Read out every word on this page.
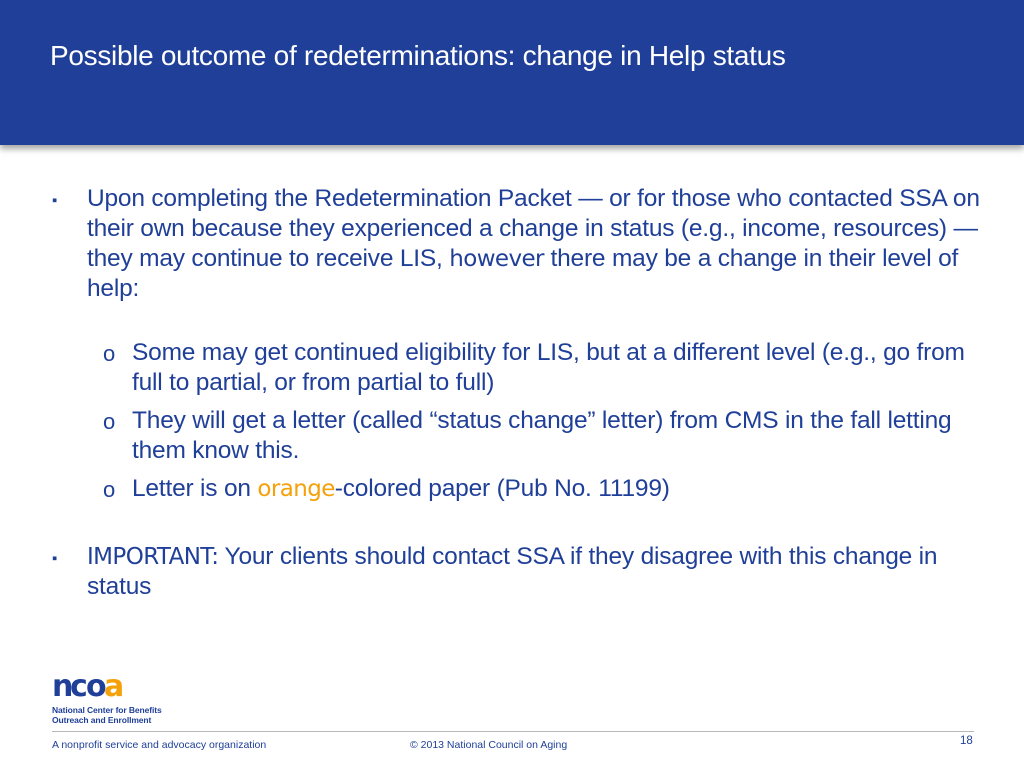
Possible outcome of redeterminations: change in Help status
▪ Upon completing the Redetermination Packet — or for those who contacted SSA on their own because they experienced a change in status (e.g., income, resources) — they may continue to receive LIS, however there may be a change in their level of help:
o Some may get continued eligibility for LIS, but at a different level (e.g., go from full to partial, or from partial to full)
o They will get a letter (called “status change” letter) from CMS in the fall letting them know this.
o Letter is on orange-colored paper (Pub No. 11199)
▪ IMPORTANT: Your clients should contact SSA if they disagree with this change in status
n
c o a
National Center for Benefits
Outreach and Enrollment
A nonprofit service and advocacy organization	© 2013 National Council on Aging	18
